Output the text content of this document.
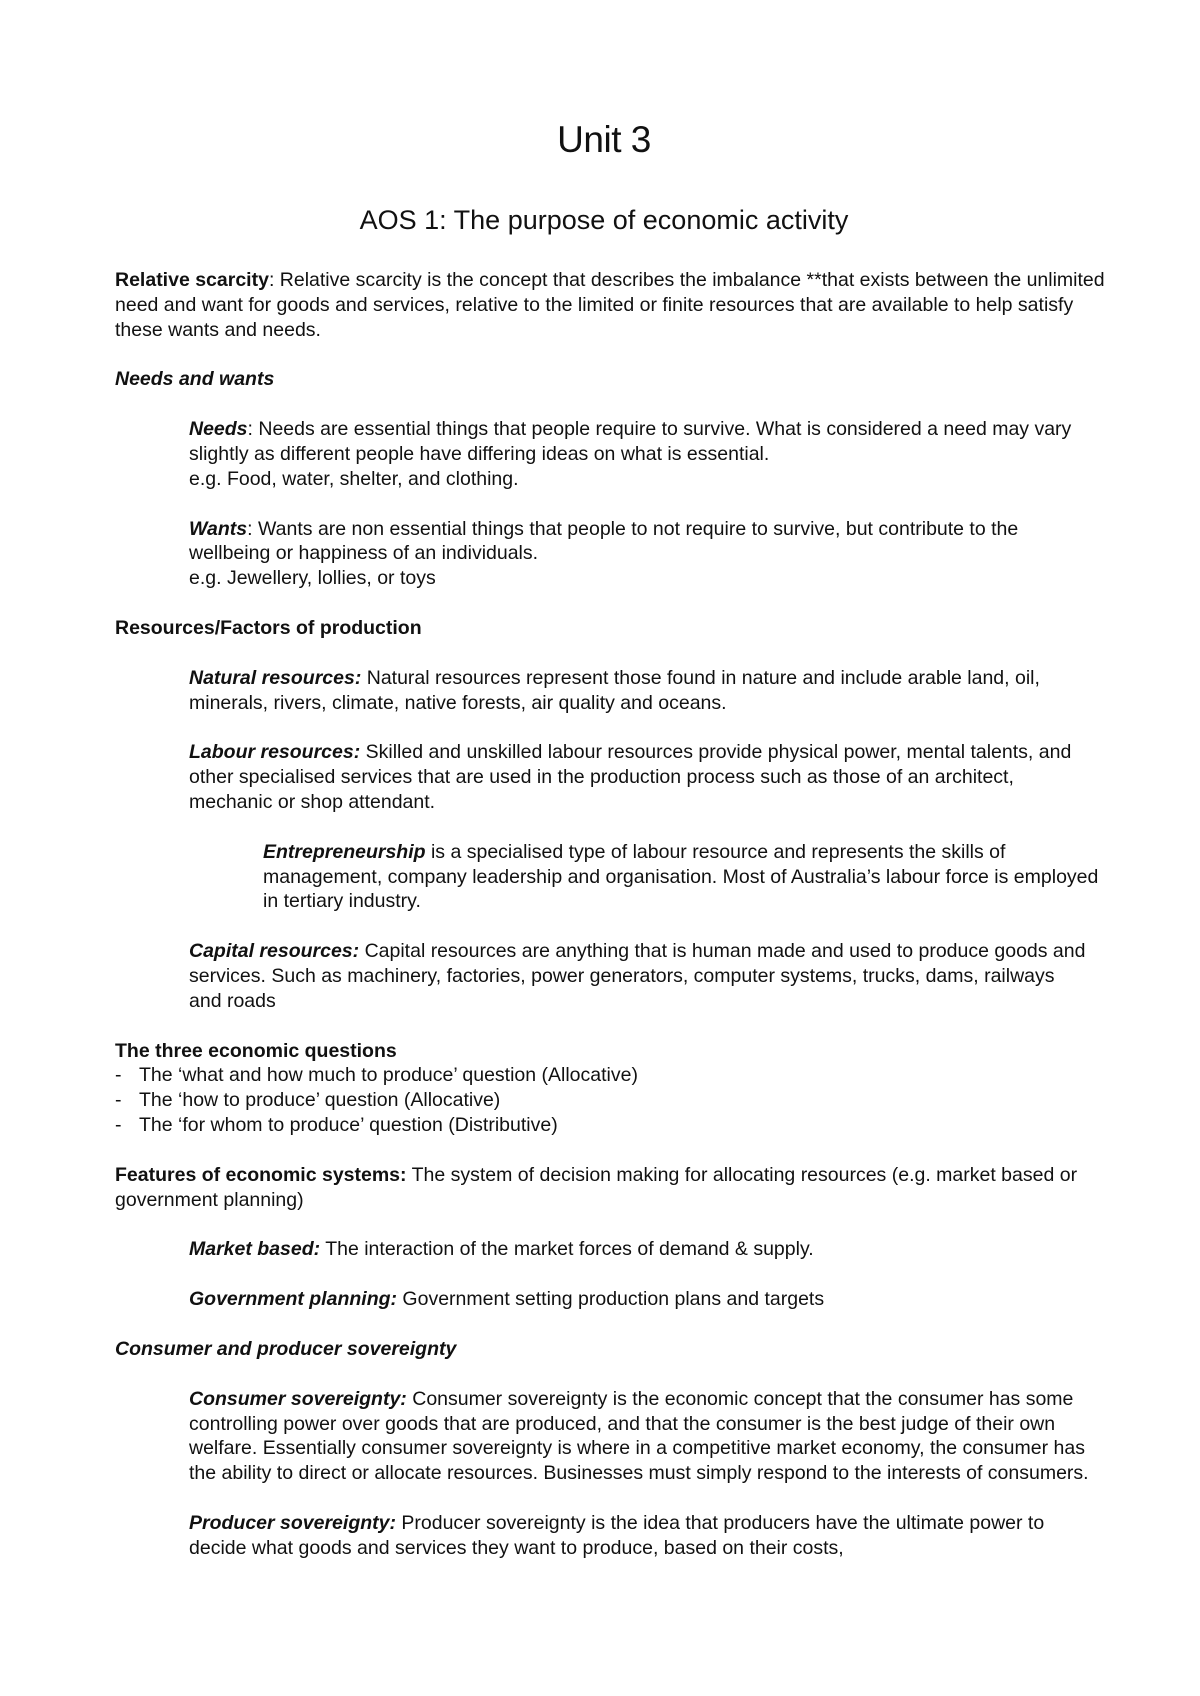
Unit 3
AOS 1: The purpose of economic activity

Relative scarcity: Relative scarcity is the concept that describes the imbalance **that exists between the unlimited need and want for goods and services, relative to the limited or finite resources that are available to help satisfy these wants and needs.

Needs and wants

Needs: Needs are essential things that people require to survive. What is considered a need may vary slightly as different people have differing ideas on what is essential.

e.g. Food, water, shelter, and clothing.

Wants: Wants are non essential things that people to not require to survive, but contribute to the wellbeing or happiness of an individuals.

e.g. Jewellery, lollies, or toys

Resources/Factors of production

Natural resources: Natural resources represent those found in nature and include arable land, oil, minerals, rivers, climate, native forests, air quality and oceans.

Labour resources: Skilled and unskilled labour resources provide physical power, mental talents, and other specialised services that are used in the production process such as those of an architect, mechanic or shop attendant.

Entrepreneurship is a specialised type of labour resource and represents the skills of management, company leadership and organisation. Most of Australia’s labour force is employed in tertiary industry.

Capital resources: Capital resources are anything that is human made and used to produce goods and services. Such as machinery, factories, power generators, computer systems, trucks, dams, railways and roads

The three economic questions

- The ‘what and how much to produce’ question (Allocative)
- The ‘how to produce’ question (Allocative)
- The ‘for whom to produce’ question (Distributive)

Features of economic systems: The system of decision making for allocating resources (e.g. market based or government planning)

Market based: The interaction of the market forces of demand & supply.

Government planning: Government setting production plans and targets

Consumer and producer sovereignty

Consumer sovereignty: Consumer sovereignty is the economic concept that the consumer has some controlling power over goods that are produced, and that the consumer is the best judge of their own welfare. Essentially consumer sovereignty is where in a competitive market economy, the consumer has the ability to direct or allocate resources. Businesses must simply respond to the interests of consumers.

Producer sovereignty: Producer sovereignty is the idea that producers have the ultimate power to decide what goods and services they want to produce, based on their costs,
